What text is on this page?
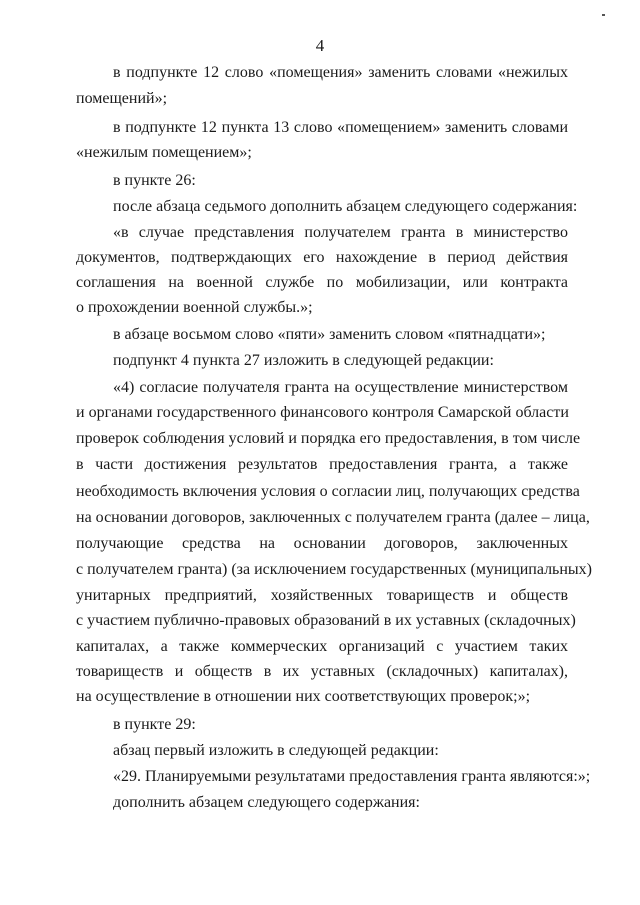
4
в подпункте 12 слово «помещения» заменить словами «нежилых
помещений»;
в подпункте 12 пункта 13 слово «помещением» заменить словами
«нежилым помещением»;
в пункте 26:
после абзаца седьмого дополнить абзацем следующего содержания:
«в случае представления получателем гранта в министерство
документов, подтверждающих его нахождение в период действия
соглашения на военной службе по мобилизации, или контракта
о прохождении военной службы.»;
в абзаце восьмом слово «пяти» заменить словом «пятнадцати»;
подпункт 4 пункта 27 изложить в следующей редакции:
«4) согласие получателя гранта на осуществление министерством
и органами государственного финансового контроля Самарской области
проверок соблюдения условий и порядка его предоставления, в том числе
в части достижения результатов предоставления гранта, а также
необходимость включения условия о согласии лиц, получающих средства
на основании договоров, заключенных с получателем гранта (далее – лица,
получающие средства на основании договоров, заключенных
с получателем гранта) (за исключением государственных (муниципальных)
унитарных предприятий, хозяйственных товариществ и обществ
с участием публично-правовых образований в их уставных (складочных)
капиталах, а также коммерческих организаций с участием таких
товариществ и обществ в их уставных (складочных) капиталах),
на осуществление в отношении них соответствующих проверок;»;
в пункте 29:
абзац первый изложить в следующей редакции:
«29. Планируемыми результатами предоставления гранта являются:»;
дополнить абзацем следующего содержания:
